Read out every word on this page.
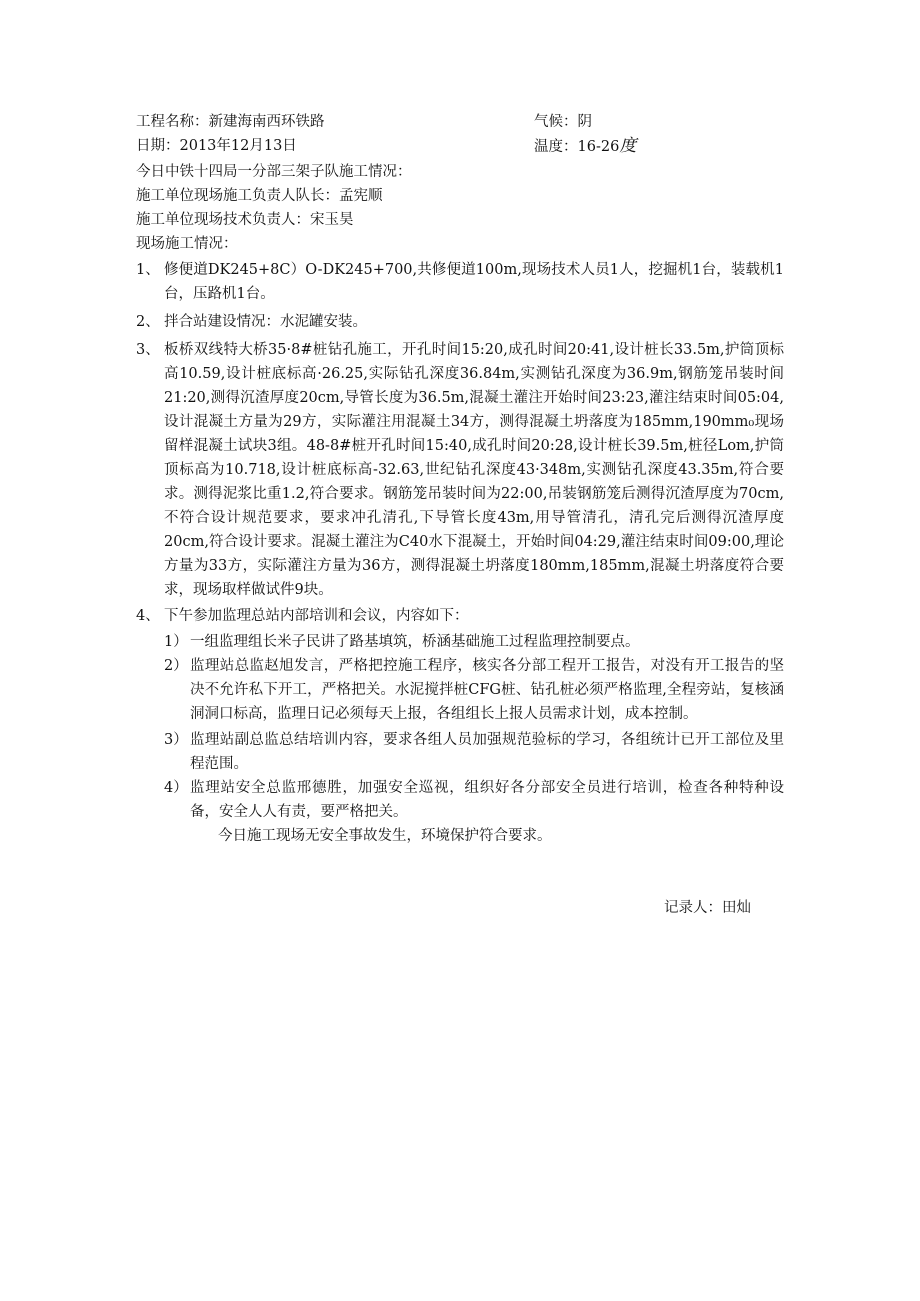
工程名称：新建海南西环铁路	气候：阴
日期：2013年12月13日	温度：16-26度
今日中铁十四局一分部三架子队施工情况：
施工单位现场施工负责人队长：孟宪顺
施工单位现场技术负责人：宋玉昊
现场施工情况：
1、 修便道DK245+8C）O-DK245+700,共修便道100m,现场技术人员1人，挖掘机1台，装载机1台，压路机1台。
2、 拌合站建设情况：水泥罐安装。
3、 板桥双线特大桥35·8#桩钻孔施工，开孔时间15:20,成孔时间20:41,设计桩长33.5m,护筒顶标高10.59,设计桩底标高·26.25,实际钻孔深度36.84m,实测钻孔深度为36.9m,钢筋笼吊装时间21:20,测得沉渣厚度20cm,导管长度为36.5m,混凝土灌注开始时间23:23,灌注结束时间05:04,设计混凝土方量为29方，实际灌注用混凝土34方，测得混凝土坍落度为185mm,190mm₀现场留样混凝土试块3组。48-8#桩开孔时间15:40,成孔时间20:28,设计桩长39.5m,桩径Lom,护筒顶标高为10.718,设计桩底标高-32.63,世纪钻孔深度43·348m,实测钻孔深度43.35m,符合要求。测得泥浆比重1.2,符合要求。钢筋笼吊装时间为22:00,吊装钢筋笼后测得沉渣厚度为70cm,不符合设计规范要求，要求冲孔清孔,下导管长度43m,用导管清孔，清孔完后测得沉渣厚度20cm,符合设计要求。混凝土灌注为C40水下混凝土，开始时间04:29,灌注结束时间09:00,理论方量为33方，实际灌注方量为36方，测得混凝土坍落度180mm,185mm,混凝土坍落度符合要求，现场取样做试件9块。
4、 下午参加监理总站内部培训和会议，内容如下：
1） 一组监理组长米子民讲了路基填筑，桥涵基础施工过程监理控制要点。
2） 监理站总监赵旭发言，严格把控施工程序，核实各分部工程开工报告，对没有开工报告的坚决不允许私下开工，严格把关。水泥搅拌桩CFG桩、钻孔桩必须严格监理,全程旁站，复核涵洞洞口标高，监理日记必须每天上报，各组组长上报人员需求计划，成本控制。
3） 监理站副总监总结培训内容，要求各组人员加强规范验标的学习，各组统计已开工部位及里程范围。
4） 监理站安全总监邢德胜，加强安全巡视，组织好各分部安全员进行培训，检查各种特种设备，安全人人有责，要严格把关。
今日施工现场无安全事故发生，环境保护符合要求。
记录人：田灿
